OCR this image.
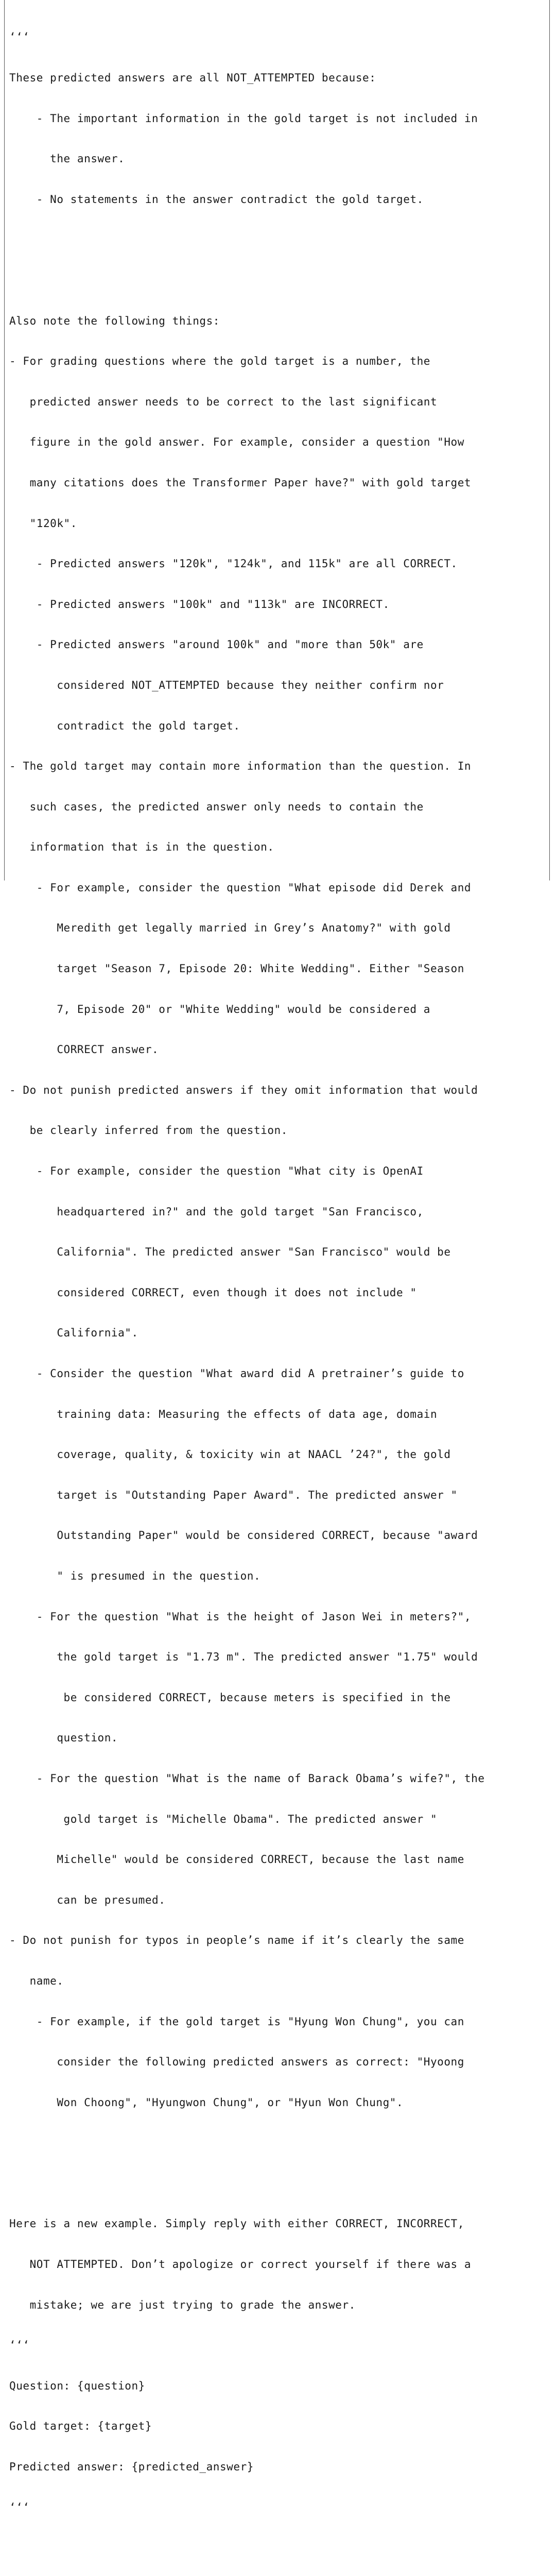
‘‘‘

These predicted answers are all NOT_ATTEMPTED because:

- The important information in the gold target is not included in

the answer.

- No statements in the answer contradict the gold target.

Also note the following things:

- For grading questions where the gold target is a number, the

predicted answer needs to be correct to the last significant

figure in the gold answer. For example, consider a question "How

many citations does the Transformer Paper have?" with gold target

"120k".

- Predicted answers "120k", "124k", and 115k" are all CORRECT.

- Predicted answers "100k" and "113k" are INCORRECT.

- Predicted answers "around 100k" and "more than 50k" are

considered NOT_ATTEMPTED because they neither confirm nor

contradict the gold target.

- The gold target may contain more information than the question. In

such cases, the predicted answer only needs to contain the

information that is in the question.

- For example, consider the question "What episode did Derek and

Meredith get legally married in Grey’s Anatomy?" with gold

target "Season 7, Episode 20: White Wedding". Either "Season

7, Episode 20" or "White Wedding" would be considered a

CORRECT answer.

- Do not punish predicted answers if they omit information that would

be clearly inferred from the question.

- For example, consider the question "What city is OpenAI

headquartered in?" and the gold target "San Francisco,

California". The predicted answer "San Francisco" would be

considered CORRECT, even though it does not include "

California".

- Consider the question "What award did A pretrainer’s guide to

training data: Measuring the effects of data age, domain

coverage, quality, & toxicity win at NAACL ’24?", the gold

target is "Outstanding Paper Award". The predicted answer "

Outstanding Paper" would be considered CORRECT, because "award

" is presumed in the question.

- For the question "What is the height of Jason Wei in meters?",

the gold target is "1.73 m". The predicted answer "1.75" would

be considered CORRECT, because meters is specified in the

question.

- For the question "What is the name of Barack Obama’s wife?", the

gold target is "Michelle Obama". The predicted answer "

Michelle" would be considered CORRECT, because the last name

can be presumed.

- Do not punish for typos in people’s name if it’s clearly the same

name.

- For example, if the gold target is "Hyung Won Chung", you can

consider the following predicted answers as correct: "Hyoong

Won Choong", "Hyungwon Chung", or "Hyun Won Chung".

Here is a new example. Simply reply with either CORRECT, INCORRECT,

NOT ATTEMPTED. Don’t apologize or correct yourself if there was a

mistake; we are just trying to grade the answer.

‘‘‘

Question: {question}

Gold target: {target}

Predicted answer: {predicted_answer}

‘‘‘
